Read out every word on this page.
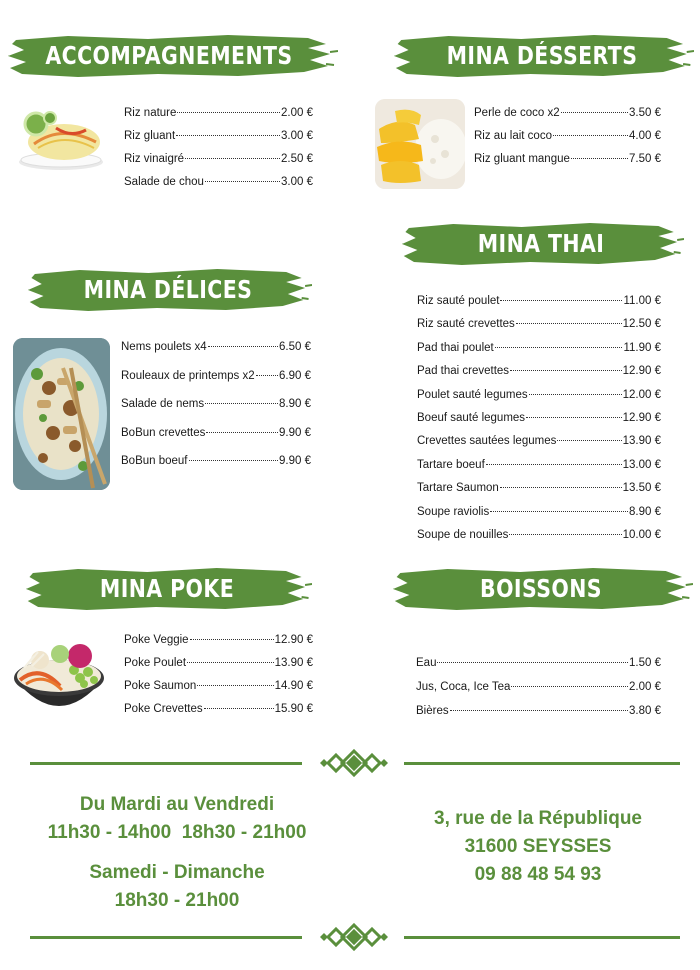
ACCOMPAGNEMENTS
Riz nature	2.00 €
Riz gluant	3.00 €
Riz vinaigré	2.50 €
Salade de chou	3.00 €
MINA DÉSSERTS
Perle de coco x2	3.50 €
Riz au lait coco	4.00 €
Riz gluant mangue	7.50 €
MINA THAI
Riz sauté poulet	11.00 €
Riz sauté crevettes	12.50 €
Pad thai poulet	11.90 €
Pad thai crevettes	12.90 €
Poulet sauté legumes	12.00 €
Boeuf sauté legumes	12.90 €
Crevettes sautées legumes	13.90 €
Tartare boeuf	13.00 €
Tartare Saumon	13.50 €
Soupe raviolis	8.90 €
Soupe de nouilles	10.00 €
MINA DÉLICES
Nems poulets x4	6.50 €
Rouleaux de printemps x2 6.90 €
Salade de nems	8.90 €
BoBun crevettes	9.90 €
BoBun boeuf	9.90 €
MINA POKE
Poke Veggie	12.90 €
Poke Poulet	13.90 €
Poke Saumon	14.90 €
Poke Crevettes	15.90 €
BOISSONS
Eau	1.50 €
Jus, Coca, Ice Tea	2.00 €
Bières	3.80 €
Du Mardi au Vendredi
11h30 - 14h00  18h30 - 21h00
Samedi - Dimanche
18h30 - 21h00
3, rue de la République
31600 SEYSSES
09 88 48 54 93
